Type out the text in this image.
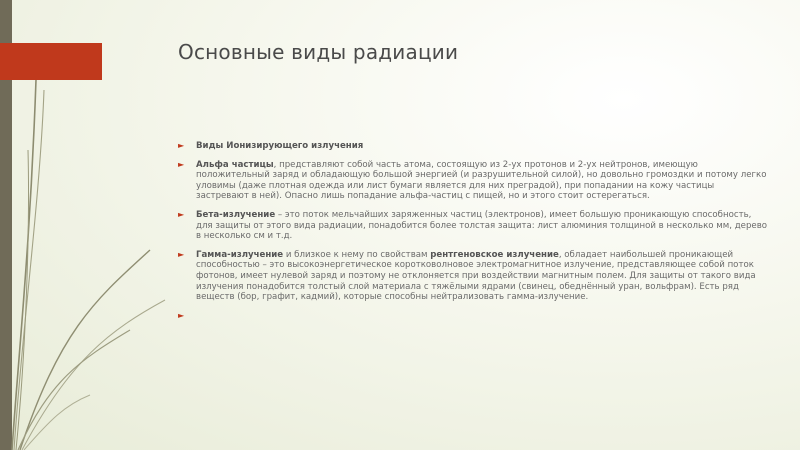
Основные виды радиации
► Виды Ионизирующего излучения
► Альфа частицы, представляют собой часть атома, состоящую из 2-ух протонов и 2-ух нейтронов, имеющую положительный заряд и обладающую большой энергией (и разрушительной силой), но довольно громоздки и потому легко уловимы (даже плотная одежда или лист бумаги является для них преградой), при попадании на кожу частицы застревают в ней). Опасно лишь попадание альфа-частиц с пищей, но и этого стоит остерегаться.
► Бета-излучение – это поток мельчайших заряженных частиц (электронов), имеет большую проникающую способность, для защиты от этого вида радиации, понадобится более толстая защита: лист алюминия толщиной в несколько мм, дерево в несколько см и т.д.
► Гамма-излучение и близкое к нему по свойствам рентгеновское излучение, обладает наибольшей проникающей способностью – это высокоэнергетическое коротковолновое электромагнитное излучение, представляющее собой поток фотонов, имеет нулевой заряд и поэтому не отклоняется при воздействии магнитным полем. Для защиты от такого вида излучения понадобится толстый слой материала с тяжёлыми ядрами (свинец, обеднённый уран, вольфрам). Есть ряд веществ (бор, графит, кадмий), которые способны нейтрализовать гамма-излучение.
►
